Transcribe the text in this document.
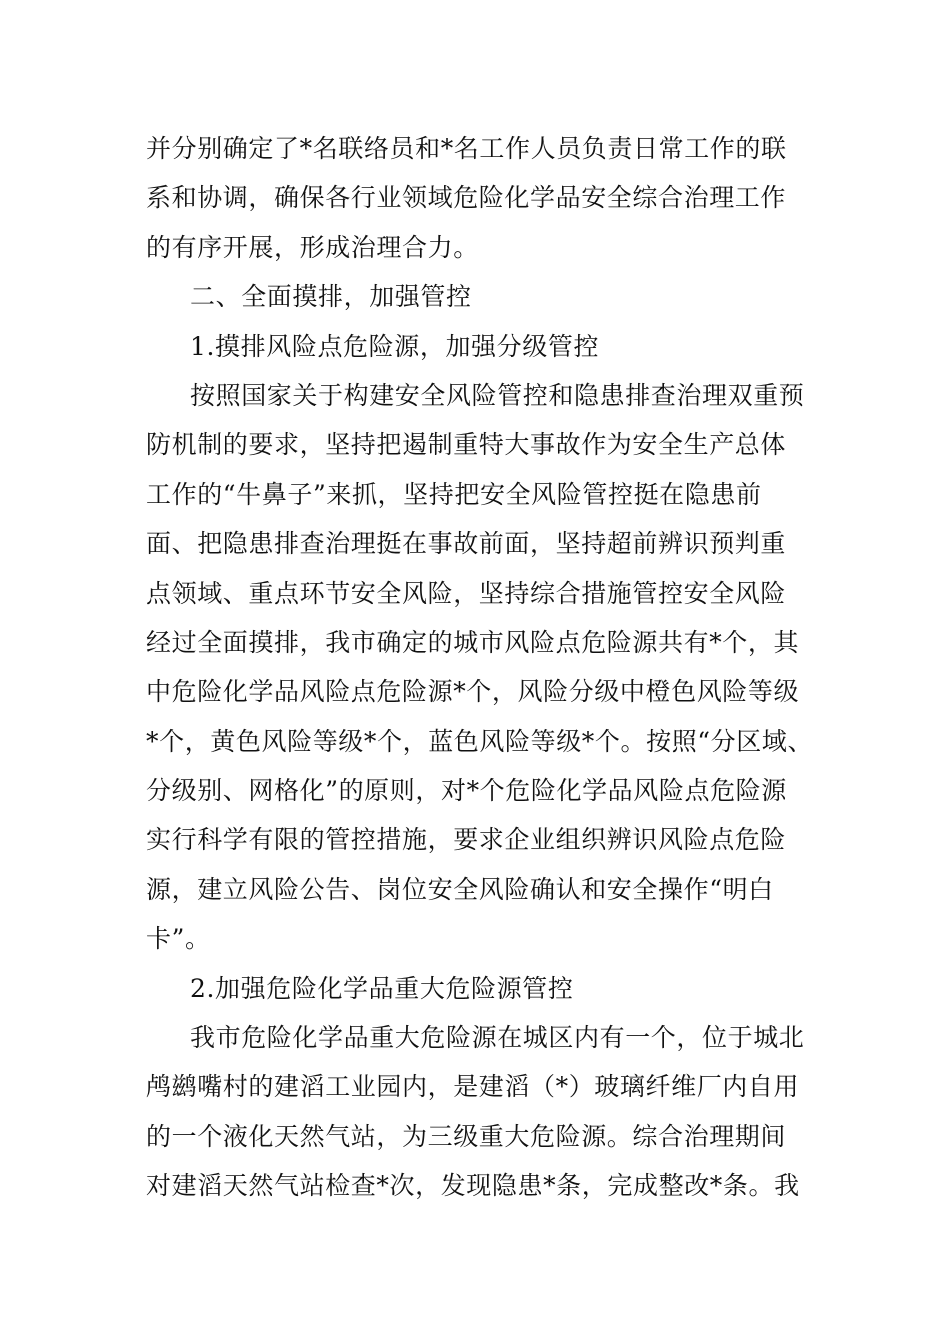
并分别确定了*名联络员和*名工作人员负责日常工作的联
系和协调，确保各行业领域危险化学品安全综合治理工作
的有序开展，形成治理合力。
二、全面摸排，加强管控
1.摸排风险点危险源，加强分级管控
按照国家关于构建安全风险管控和隐患排查治理双重预
防机制的要求，坚持把遏制重特大事故作为安全生产总体
工作的“牛鼻子”来抓，坚持把安全风险管控挺在隐患前
面、把隐患排查治理挺在事故前面，坚持超前辨识预判重
点领域、重点环节安全风险，坚持综合措施管控安全风险
经过全面摸排，我市确定的城市风险点危险源共有*个，其
中危险化学品风险点危险源*个，风险分级中橙色风险等级
*个，黄色风险等级*个，蓝色风险等级*个。按照“分区域、
分级别、网格化”的原则，对*个危险化学品风险点危险源
实行科学有限的管控措施，要求企业组织辨识风险点危险
源，建立风险公告、岗位安全风险确认和安全操作“明白
卡”。
2.加强危险化学品重大危险源管控
我市危险化学品重大危险源在城区内有一个，位于城北
鸬鹚嘴村的建滔工业园内，是建滔（*）玻璃纤维厂内自用
的一个液化天然气站，为三级重大危险源。综合治理期间
对建滔天然气站检查*次，发现隐患*条，完成整改*条。我
